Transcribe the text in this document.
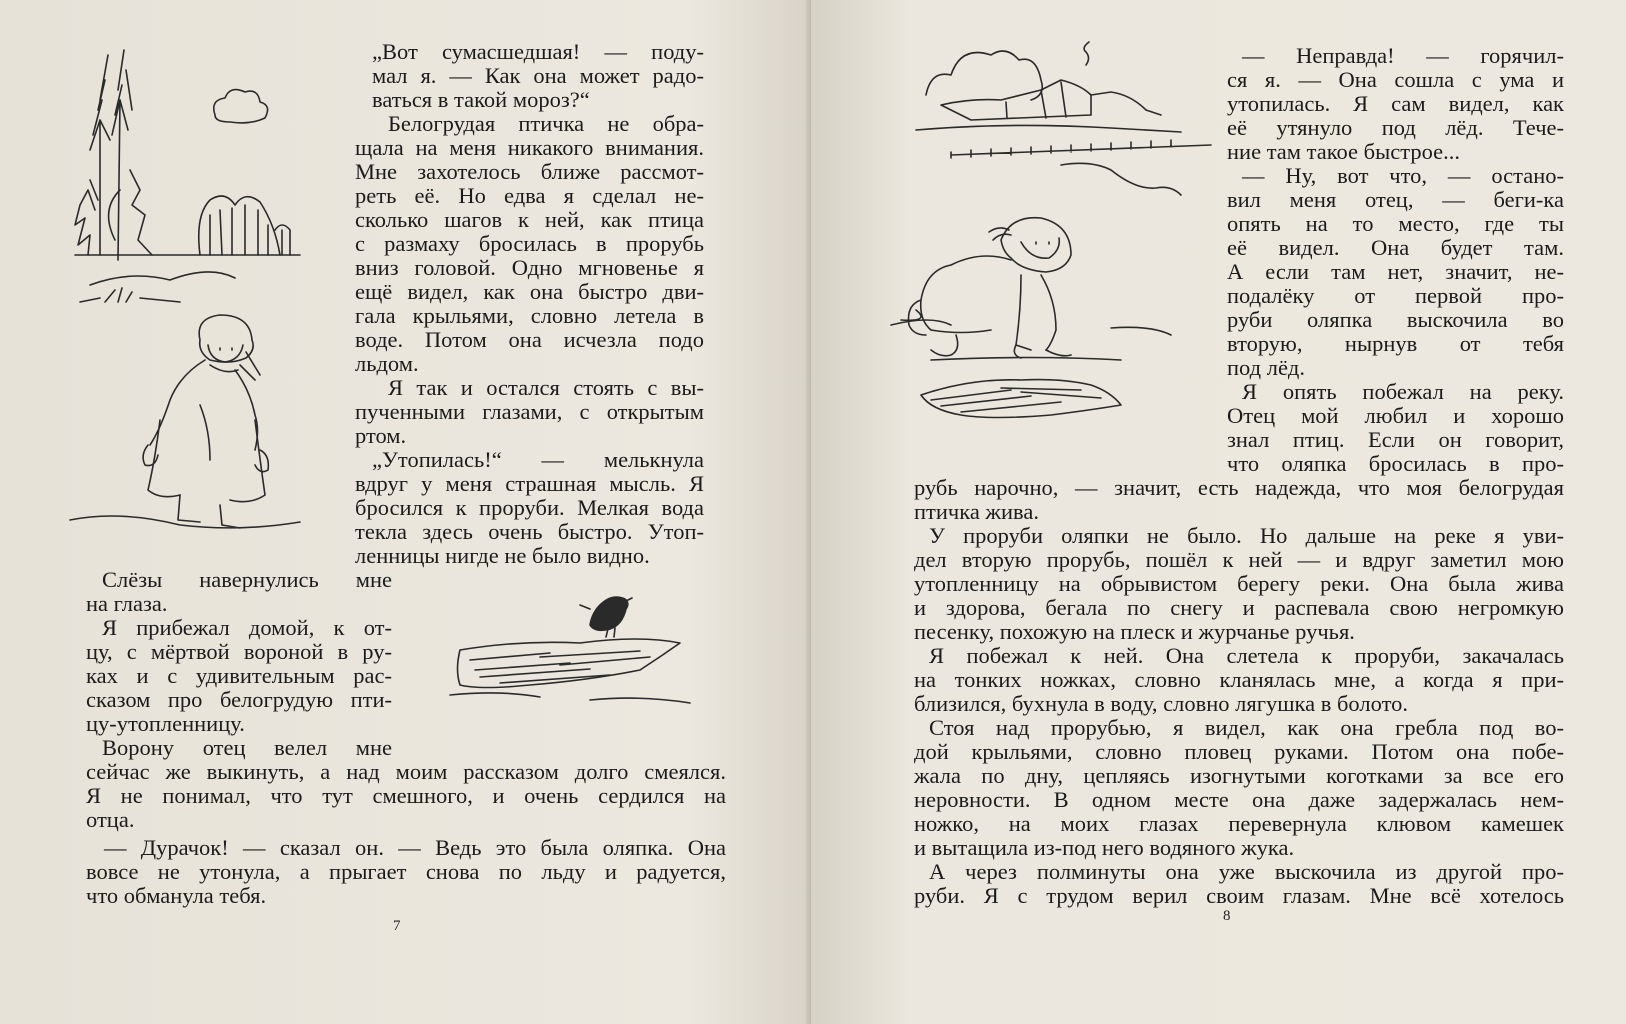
„Вот сумасшедшая! — поду-
мал я. — Как она может радо-
ваться в такой мороз?“
Белогрудая птичка не обра-
щала на меня никакого внимания.
Мне захотелось ближе рассмот-
реть её. Но едва я сделал не-
сколько шагов к ней, как птица
с размаху бросилась в прорубь
вниз головой. Одно мгновенье я
ещё видел, как она быстро дви-
гала крыльями, словно летела в
воде. Потом она исчезла подо
льдом.
Я так и остался стоять с вы-
пученными глазами, с открытым
ртом.
„Утопилась!“ — мелькнула
вдруг у меня страшная мысль. Я
бросился к проруби. Мелкая вода
текла здесь очень быстро. Утоп-
ленницы нигде не было видно.
Слёзы навернулись мне
на глаза.
Я прибежал домой, к от-
цу, с мёртвой вороной в ру-
ках и с удивительным рас-
сказом про белогрудую пти-
цу-утопленницу.
Ворону отец велел мне
сейчас же выкинуть, а над моим рассказом долго смеялся.
Я не понимал, что тут смешного, и очень сердился на
отца.
— Дурачок! — сказал он. — Ведь это была оляпка. Она
вовсе не утонула, а прыгает снова по льду и радуется,
что обманула тебя.
7
— Неправда! — горячил-
ся я. — Она сошла с ума и
утопилась. Я сам видел, как
её утянуло под лёд. Тече-
ние там такое быстрое...
— Ну, вот что, — остано-
вил меня отец, — беги-ка
опять на то место, где ты
её видел. Она будет там.
А если там нет, значит, не-
подалёку от первой про-
руби оляпка выскочила во
вторую, нырнув от тебя
под лёд.
Я опять побежал на реку.
Отец мой любил и хорошо
знал птиц. Если он говорит,
что оляпка бросилась в про-
рубь нарочно, — значит, есть надежда, что моя белогрудая
птичка жива.
У проруби оляпки не было. Но дальше на реке я уви-
дел вторую прорубь, пошёл к ней — и вдруг заметил мою
утопленницу на обрывистом берегу реки. Она была жива
и здорова, бегала по снегу и распевала свою негромкую
песенку, похожую на плеск и журчанье ручья.
Я побежал к ней. Она слетела к проруби, закачалась
на тонких ножках, словно кланялась мне, а когда я при-
близился, бухнула в воду, словно лягушка в болото.
Стоя над прорубью, я видел, как она гребла под во-
дой крыльями, словно пловец руками. Потом она побе-
жала по дну, цепляясь изогнутыми коготками за все его
неровности. В одном месте она даже задержалась нем-
ножко, на моих глазах перевернула клювом камешек
и вытащила из-под него водяного жука.
А через полминуты она уже выскочила из другой про-
руби. Я с трудом верил своим глазам. Мне всё хотелось
8
